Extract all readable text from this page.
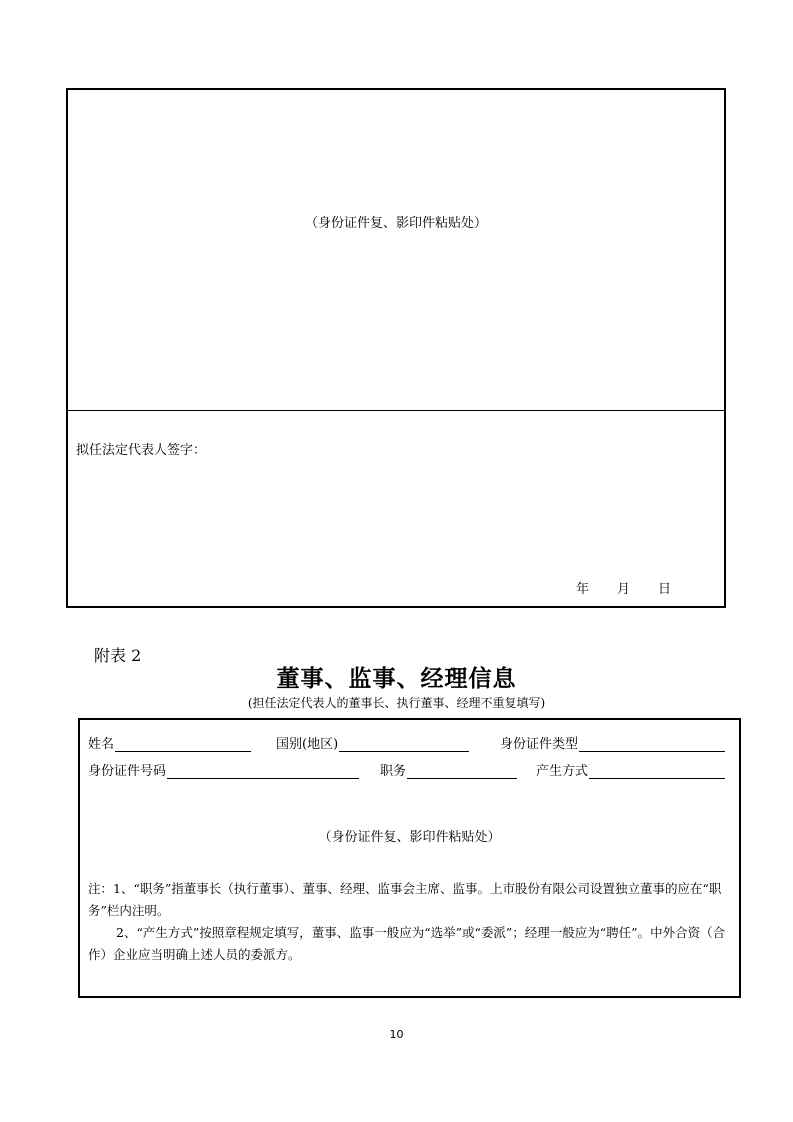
（身份证件复、影印件粘贴处）
拟任法定代表人签字：
年 月 日
附表 2
董事、监事、经理信息
(担任法定代表人的董事长、执行董事、经理不重复填写)
姓名	国别(地区)	身份证件类型
身份证件号码	职务	产生方式
（身份证件复、影印件粘贴处）
注：1、“职务”指董事长（执行董事）、董事、经理、监事会主席、监事。上市股份有限公司设置独立董事的应在“职务”栏内注明。
2、“产生方式”按照章程规定填写，董事、监事一般应为“选举”或“委派”；经理一般应为“聘任”。中外合资（合作）企业应当明确上述人员的委派方。
10
